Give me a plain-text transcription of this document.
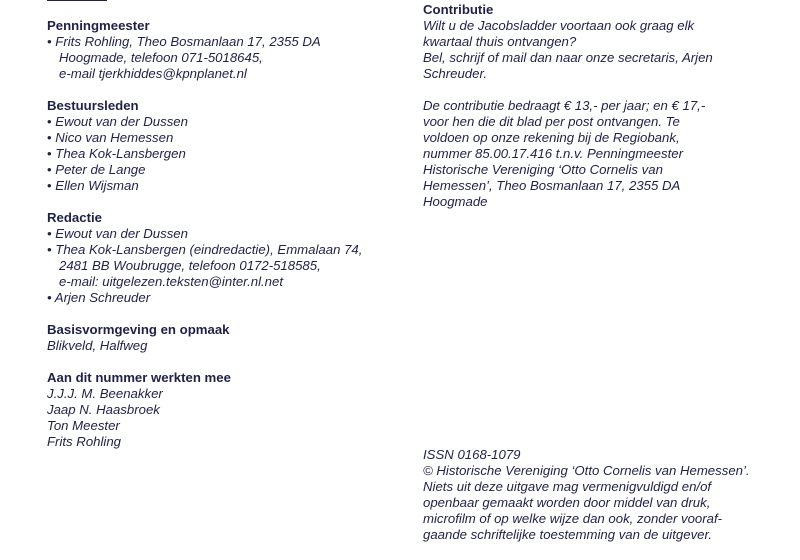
Penningmeester
• Frits Rohling, Theo Bosmanlaan 17, 2355 DA
Hoogmade, telefoon 071-5018645,
e-mail tjerkhiddes@kpnplanet.nl
Bestuursleden
• Ewout van der Dussen
• Nico van Hemessen
• Thea Kok-Lansbergen
• Peter de Lange
• Ellen Wijsman
Redactie
• Ewout van der Dussen
• Thea Kok-Lansbergen (eindredactie), Emmalaan 74,
2481 BB Woubrugge, telefoon 0172-518585,
e-mail: uitgelezen.teksten@inter.nl.net
• Arjen Schreuder
Basisvormgeving en opmaak
Blikveld, Halfweg
Aan dit nummer werkten mee
J.J.J. M. Beenakker
Jaap N. Haasbroek
Ton Meester
Frits Rohling
Contributie
Wilt u de Jacobsladder voortaan ook graag elk
kwartaal thuis ontvangen?
Bel, schrijf of mail dan naar onze secretaris, Arjen
Schreuder.
De contributie bedraagt € 13,- per jaar; en € 17,-
voor hen die dit blad per post ontvangen. Te
voldoen op onze rekening bij de Regiobank,
nummer 85.00.17.416 t.n.v. Penningmeester
Historische Vereniging ‘Otto Cornelis van
Hemessen’, Theo Bosmanlaan 17, 2355 DA
Hoogmade
ISSN 0168-1079
© Historische Vereniging ‘Otto Cornelis van Hemessen’.
Niets uit deze uitgave mag vermenigvuldigd en/of
openbaar gemaakt worden door middel van druk,
microfilm of op welke wijze dan ook, zonder vooraf-
gaande schriftelijke toestemming van de uitgever.
